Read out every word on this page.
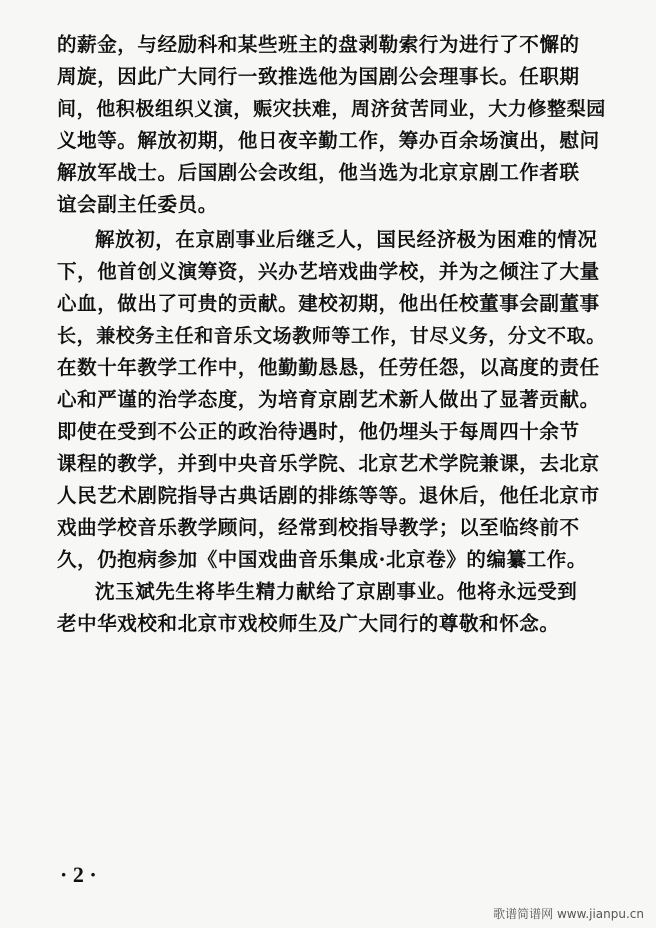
的薪金，与经励科和某些班主的盘剥勒索行为进行了不懈的
周旋，因此广大同行一致推选他为国剧公会理事长。任职期
间，他积极组织义演，赈灾扶难，周济贫苦同业，大力修整梨园
义地等。解放初期，他日夜辛勤工作，筹办百余场演出，慰问
解放军战士。后国剧公会改组，他当选为北京京剧工作者联
谊会副主任委员。
解放初，在京剧事业后继乏人，国民经济极为困难的情况
下，他首创义演筹资，兴办艺培戏曲学校，并为之倾注了大量
心血，做出了可贵的贡献。建校初期，他出任校董事会副董事
长，兼校务主任和音乐文场教师等工作，甘尽义务，分文不取。
在数十年教学工作中，他勤勤恳恳，任劳任怨，以高度的责任
心和严谨的治学态度，为培育京剧艺术新人做出了显著贡献。
即使在受到不公正的政治待遇时，他仍埋头于每周四十余节
课程的教学，并到中央音乐学院、北京艺术学院兼课，去北京
人民艺术剧院指导古典话剧的排练等等。退休后，他任北京市
戏曲学校音乐教学顾问，经常到校指导教学；以至临终前不
久，仍抱病参加《中国戏曲音乐集成·北京卷》的编纂工作。
沈玉斌先生将毕生精力献给了京剧事业。他将永远受到
老中华戏校和北京市戏校师生及广大同行的尊敬和怀念。
· 2 ·
歌谱简谱网 www.jianpu.cn
